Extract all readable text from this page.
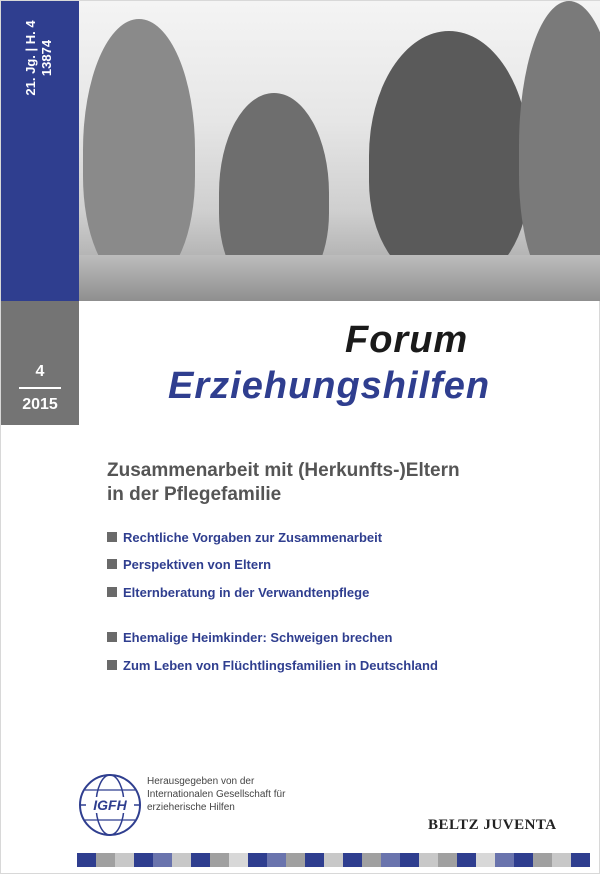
21. Jg. | H. 4 13874
4
2015
Forum
Erziehungshilfen
Zusammenarbeit mit (Herkunfts-)Eltern
in der Pflegefamilie
Rechtliche Vorgaben zur Zusammenarbeit
Perspektiven von Eltern
Elternberatung in der Verwandtenpflege
Ehemalige Heimkinder: Schweigen brechen
Zum Leben von Flüchtlingsfamilien in Deutschland
IGFH
Herausgegeben von der
Internationalen Gesellschaft für
erzieherische Hilfen
BELTZ JUVENTA
